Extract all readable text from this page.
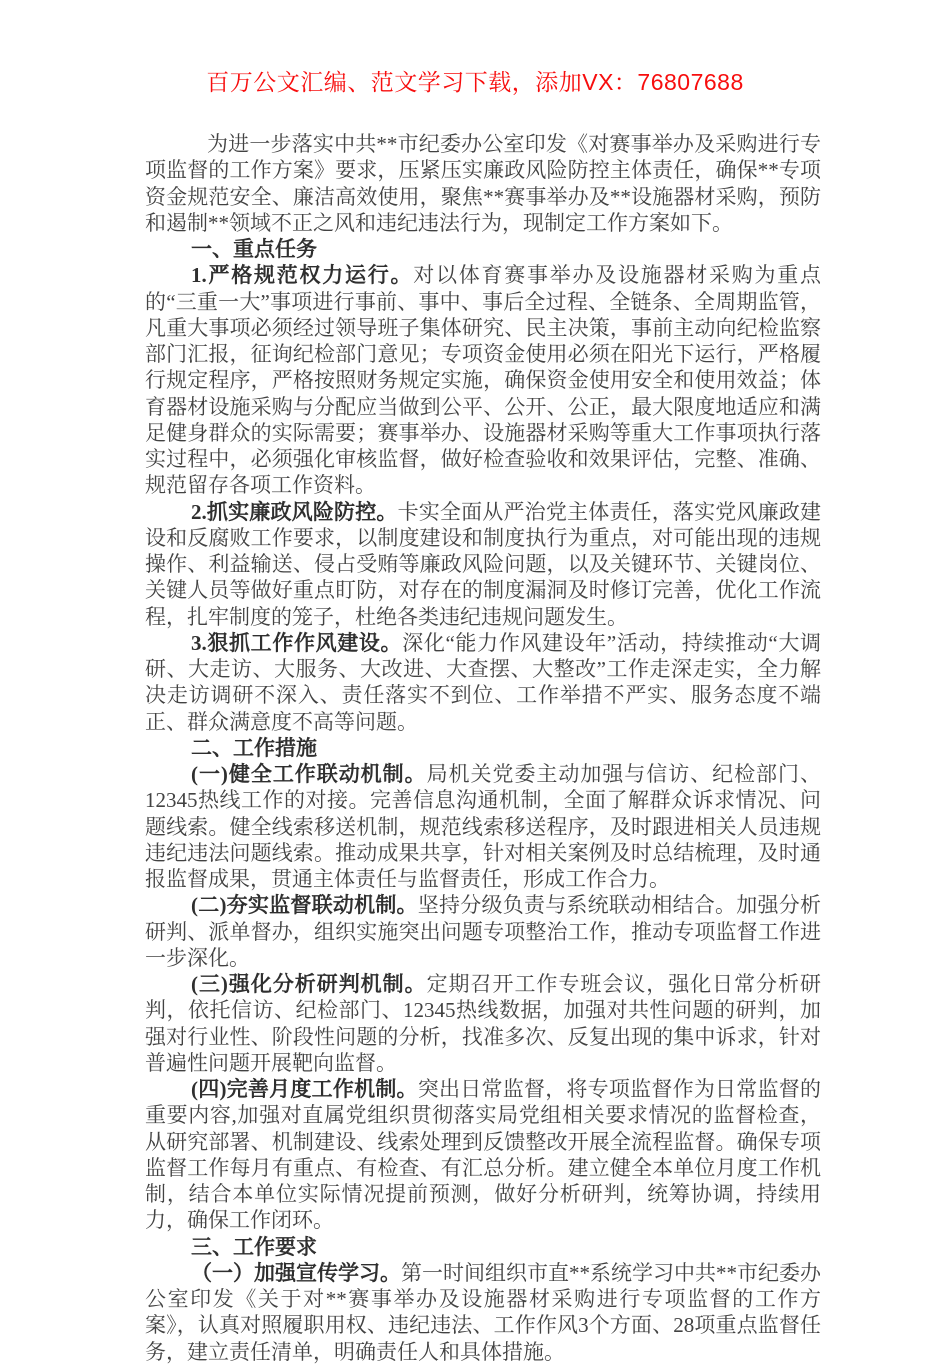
百万公文汇编、范文学习下载，添加VX：76807688

为进一步落实中共**市纪委办公室印发《对赛事举办及采购进行专项监督的工作方案》要求，压紧压实廉政风险防控主体责任，确保**专项资金规范安全、廉洁高效使用，聚焦**赛事举办及**设施器材采购，预防和遏制**领域不正之风和违纪违法行为，现制定工作方案如下。

一、重点任务

1.严格规范权力运行。对以体育赛事举办及设施器材采购为重点的“三重一大”事项进行事前、事中、事后全过程、全链条、全周期监管，凡重大事项必须经过领导班子集体研究、民主决策，事前主动向纪检监察部门汇报，征询纪检部门意见；专项资金使用必须在阳光下运行，严格履行规定程序，严格按照财务规定实施，确保资金使用安全和使用效益；体育器材设施采购与分配应当做到公平、公开、公正，最大限度地适应和满足健身群众的实际需要；赛事举办、设施器材采购等重大工作事项执行落实过程中，必须强化审核监督，做好检查验收和效果评估，完整、准确、规范留存各项工作资料。

2.抓实廉政风险防控。卡实全面从严治党主体责任，落实党风廉政建设和反腐败工作要求，以制度建设和制度执行为重点，对可能出现的违规操作、利益输送、侵占受贿等廉政风险问题，以及关键环节、关键岗位、关键人员等做好重点盯防，对存在的制度漏洞及时修订完善，优化工作流程，扎牢制度的笼子，杜绝各类违纪违规问题发生。

3.狠抓工作作风建设。深化“能力作风建设年”活动，持续推动“大调研、大走访、大服务、大改进、大查摆、大整改”工作走深走实，全力解决走访调研不深入、责任落实不到位、工作举措不严实、服务态度不端正、群众满意度不高等问题。

二、工作措施

(一)健全工作联动机制。局机关党委主动加强与信访、纪检部门、12345热线工作的对接。完善信息沟通机制，全面了解群众诉求情况、问题线索。健全线索移送机制，规范线索移送程序，及时跟进相关人员违规违纪违法问题线索。推动成果共享，针对相关案例及时总结梳理，及时通报监督成果，贯通主体责任与监督责任，形成工作合力。

(二)夯实监督联动机制。坚持分级负责与系统联动相结合。加强分析研判、派单督办，组织实施突出问题专项整治工作，推动专项监督工作进一步深化。

(三)强化分析研判机制。定期召开工作专班会议，强化日常分析研判，依托信访、纪检部门、12345热线数据，加强对共性问题的研判，加强对行业性、阶段性问题的分析，找准多次、反复出现的集中诉求，针对普遍性问题开展靶向监督。

(四)完善月度工作机制。突出日常监督，将专项监督作为日常监督的重要内容,加强对直属党组织贯彻落实局党组相关要求情况的监督检查，从研究部署、机制建设、线索处理到反馈整改开展全流程监督。确保专项监督工作每月有重点、有检查、有汇总分析。建立健全本单位月度工作机制，结合本单位实际情况提前预测，做好分析研判，统筹协调，持续用力，确保工作闭环。

三、工作要求

（一）加强宣传学习。第一时间组织市直**系统学习中共**市纪委办公室印发《关于对**赛事举办及设施器材采购进行专项监督的工作方案》，认真对照履职用权、违纪违法、工作作风3个方面、28项重点监督任务，建立责任清单，明确责任人和具体措施。
